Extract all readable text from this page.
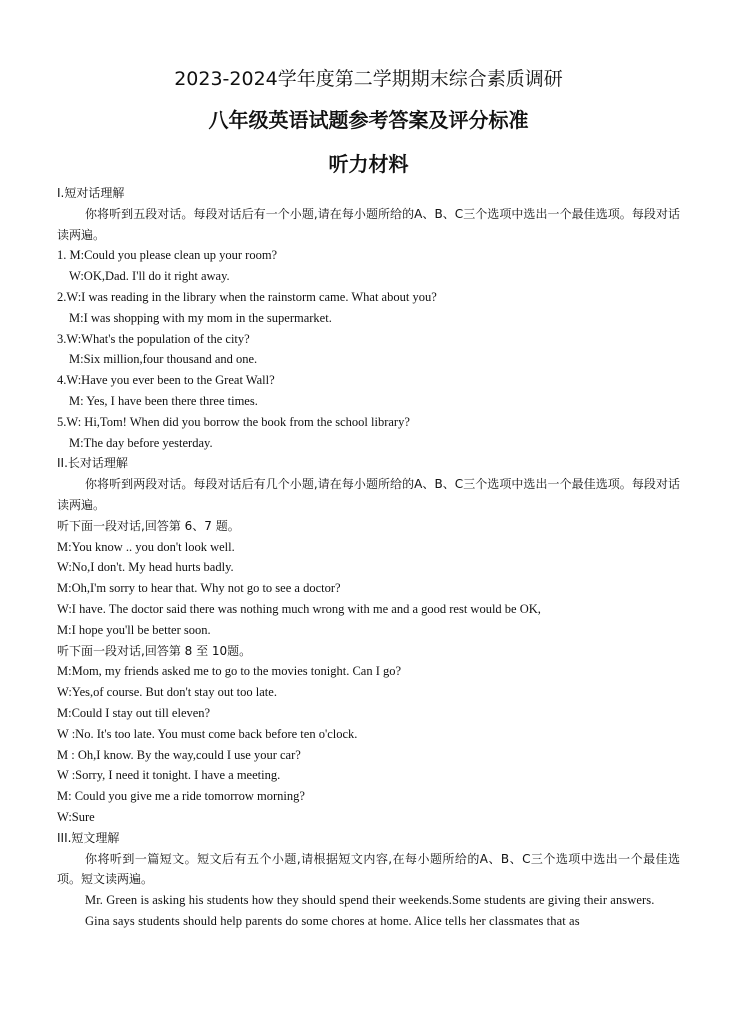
2023-2024学年度第二学期期末综合素质调研
八年级英语试题参考答案及评分标准
听力材料
I.短对话理解
你将听到五段对话。每段对话后有一个小题,请在每小题所给的A、B、C三个选项中选出一个最佳选项。每段对话读两遍。
1. M:Could you please clean up your room?
W:OK,Dad. I'll do it right away.
2.W:I was reading in the library when the rainstorm came. What about you?
M:I was shopping with my mom in the supermarket.
3.W:What's the population of the city?
M:Six million,four thousand and one.
4.W:Have you ever been to the Great Wall?
M: Yes, I have been there three times.
5.W: Hi,Tom! When did you borrow the book from the school library?
M:The day before yesterday.
II.长对话理解
你将听到两段对话。每段对话后有几个小题,请在每小题所给的A、B、C三个选项中选出一个最佳选项。每段对话读两遍。
听下面一段对话,回答第 6、7 题。
M:You know .. you don't look well.
W:No,I don't. My head hurts badly.
M:Oh,I'm sorry to hear that. Why not go to see a doctor?
W:I have. The doctor said there was nothing much wrong with me and a good rest would be OK,
M:I hope you'll be better soon.
听下面一段对话,回答第 8 至 10题。
M:Mom, my friends asked me to go to the movies tonight. Can I go?
W:Yes,of course. But don't stay out too late.
M:Could I stay out till eleven?
W :No. It's too late. You must come back before ten o'clock.
M : Oh,I know. By the way,could I use your car?
W :Sorry, I need it tonight. I have a meeting.
M: Could you give me a ride tomorrow morning?
W:Sure
III.短文理解
你将听到一篇短文。短文后有五个小题,请根据短文内容,在每小题所给的A、B、C三个选项中选出一个最佳选项。短文读两遍。
Mr. Green is asking his students how they should spend their weekends.Some students are giving their answers.
Gina says students should help parents do some chores at home. Alice tells her classmates that as
